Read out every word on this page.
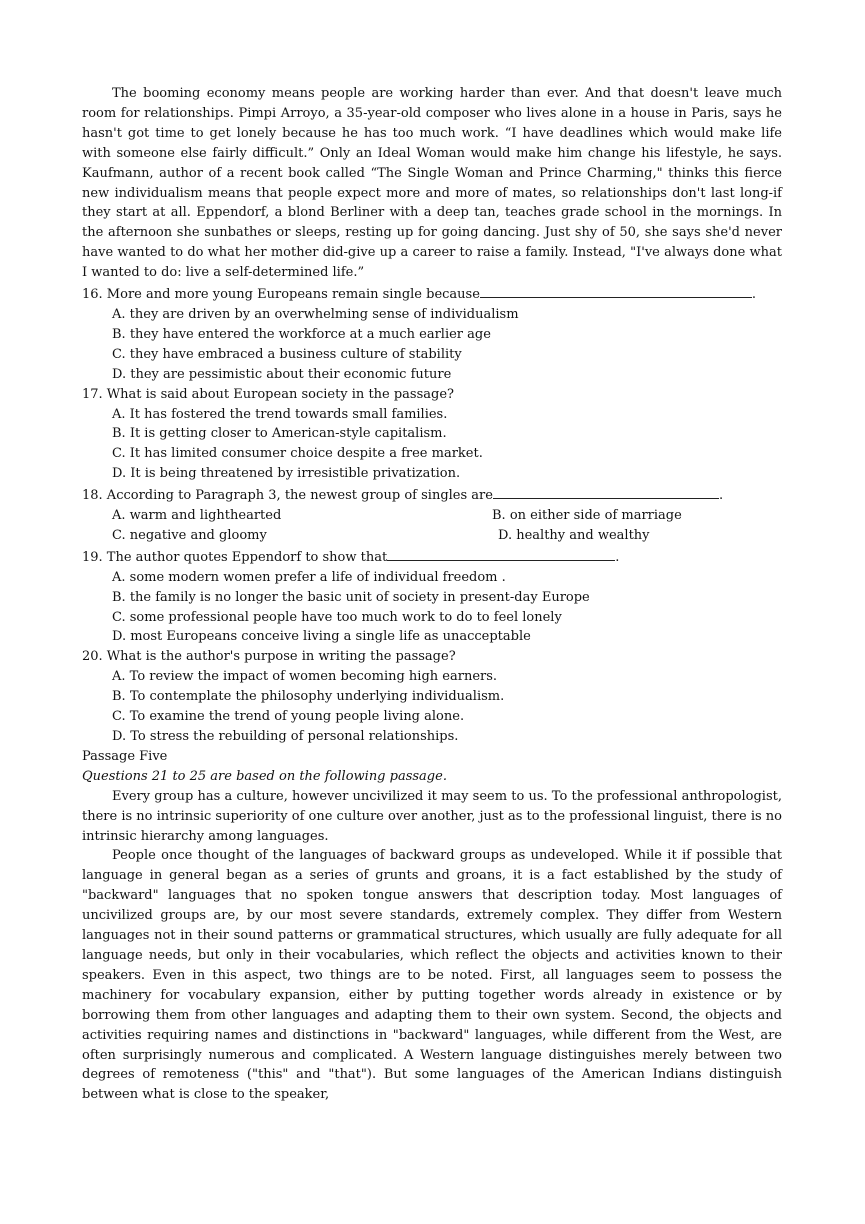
The booming economy means people are working harder than ever. And that doesn't leave much room for relationships. Pimpi Arroyo, a 35-year-old composer who lives alone in a house in Paris, says he hasn't got time to get lonely because he has too much work. “I have deadlines which would make life with someone else fairly difficult.” Only an Ideal Woman would make him change his lifestyle, he says. Kaufmann, author of a recent book called “The Single Woman and Prince Charming," thinks this fierce new individualism means that people expect more and more of mates, so relationships don't last long-if they start at all. Eppendorf, a blond Berliner with a deep tan, teaches grade school in the mornings. In the afternoon she sunbathes or sleeps, resting up for going dancing. Just shy of 50, she says she'd never have wanted to do what her mother did-give up a career to raise a family. Instead, "I've always done what I wanted to do: live a self-determined life.”

16. More and more young Europeans remain single because	.

A. they are driven by an overwhelming sense of individualism

B. they have entered the workforce at a much earlier age

C. they have embraced a business culture of stability

D. they are pessimistic about their economic future

17. What is said about European society in the passage?

A. It has fostered the trend towards small families.

B. It is getting closer to American-style capitalism.

C. It has limited consumer choice despite a free market.

D. It is being threatened by irresistible privatization.

18. According to Paragraph 3, the newest group of singles are	.

A. warm and lighthearted	B. on either side of marriage
C. negative and gloomy	D. healthy and wealthy

19. The author quotes Eppendorf to show that	.

A. some modern women prefer a life of individual freedom .

B. the family is no longer the basic unit of society in present-day Europe

C. some professional people have too much work to do to feel lonely

D. most Europeans conceive living a single life as unacceptable

20. What is the author's purpose in writing the passage?

A. To review the impact of women becoming high earners.

B. To contemplate the philosophy underlying individualism.

C. To examine the trend of young people living alone.

D. To stress the rebuilding of personal relationships.

Passage Five

Questions 21 to 25 are based on the following passage.

Every group has a culture, however uncivilized it may seem to us. To the professional anthropologist, there is no intrinsic superiority of one culture over another, just as to the professional linguist, there is no intrinsic hierarchy among languages.

People once thought of the languages of backward groups as undeveloped. While it if possible that language in general began as a series of grunts and groans, it is a fact established by the study of "backward" languages that no spoken tongue answers that description today. Most languages of uncivilized groups are, by our most severe standards, extremely complex. They differ from Western languages not in their sound patterns or grammatical structures, which usually are fully adequate for all language needs, but only in their vocabularies, which reflect the objects and activities known to their speakers. Even in this aspect, two things are to be noted. First, all languages seem to possess the machinery for vocabulary expansion, either by putting together words already in existence or by borrowing them from other languages and adapting them to their own system. Second, the objects and activities requiring names and distinctions in "backward" languages, while different from the West, are often surprisingly numerous and complicated. A Western language distinguishes merely between two degrees of remoteness ("this" and "that"). But some languages of the American Indians distinguish between what is close to the speaker,
